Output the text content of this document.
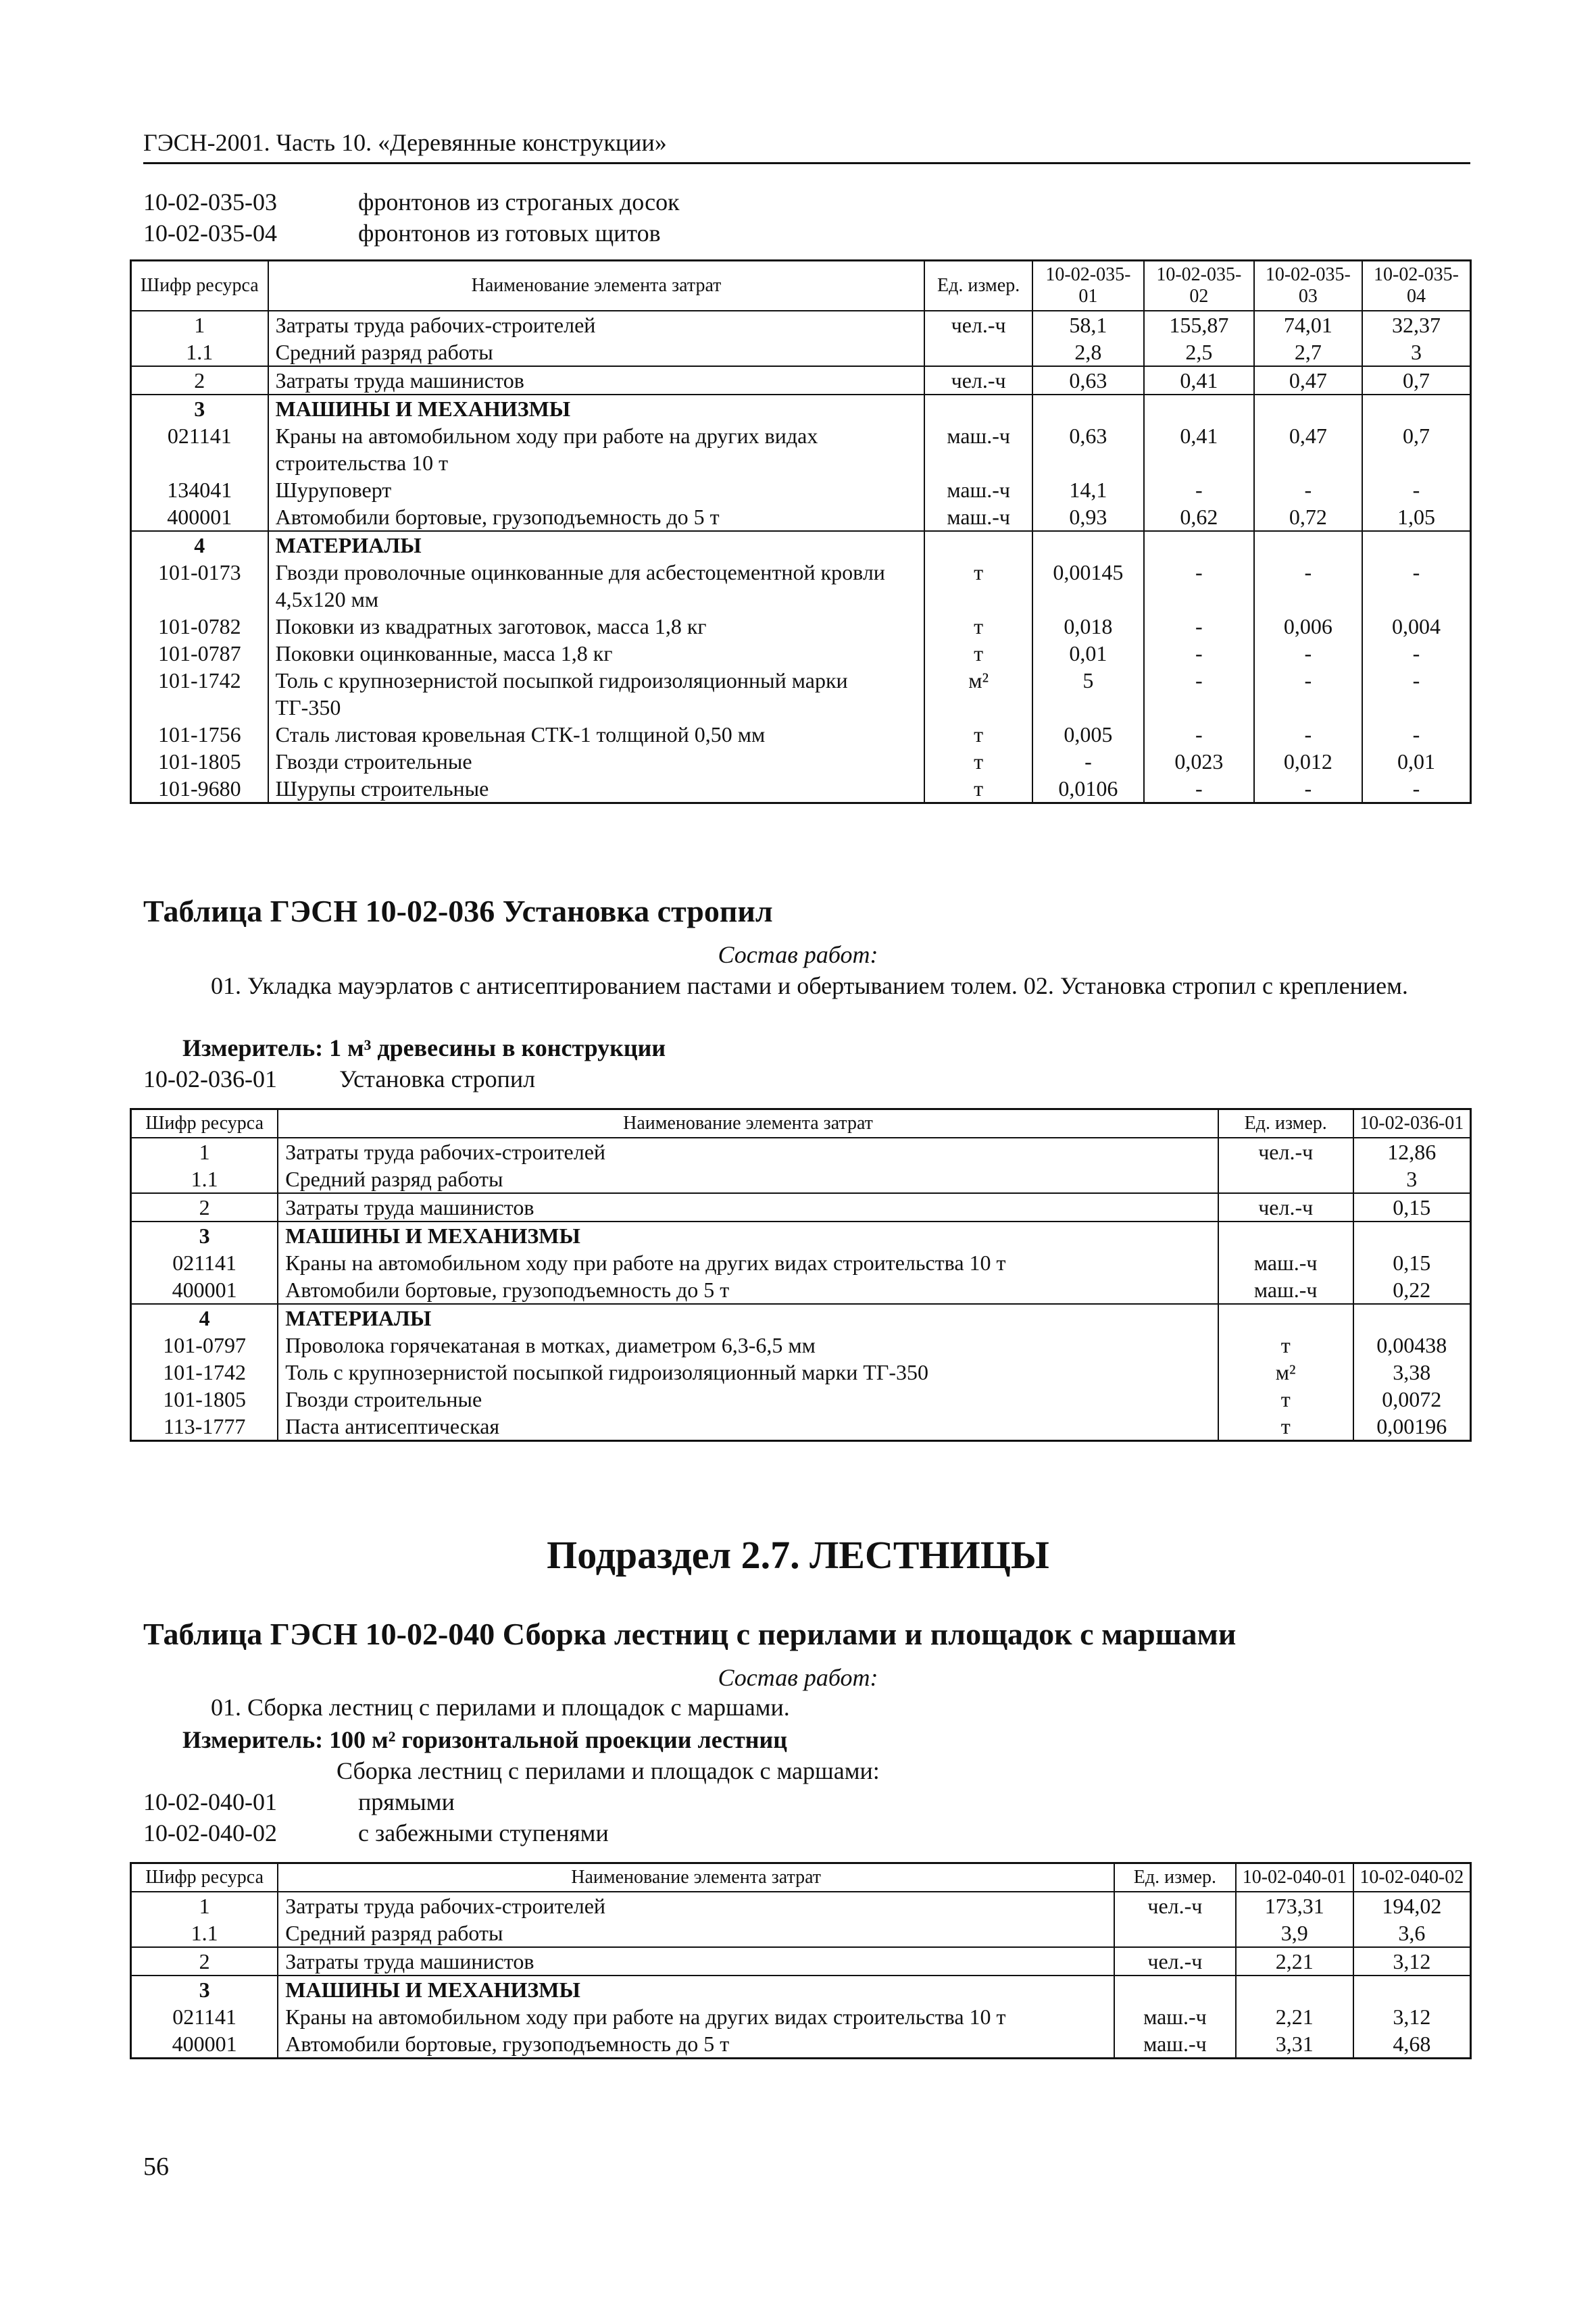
ГЭСН-2001. Часть 10. «Деревянные конструкции»
10-02-035-03	фронтонов из строганых досок
10-02-035-04	фронтонов из готовых щитов
Шифр ресурса	Наименование элемента затрат	Ед. измер.	10-02-035-01	10-02-035-02	10-02-035-03	10-02-035-04
1	Затраты труда рабочих-строителей	чел.-ч	58,1	155,87	74,01	32,37
1.1	Средний разряд работы		2,8	2,5	2,7	3
2	Затраты труда машинистов	чел.-ч	0,63	0,41	0,47	0,7
3	МАШИНЫ И МЕХАНИЗМЫ					
021141	Краны на автомобильном ходу при работе на других видах строительства 10 т	маш.-ч	0,63	0,41	0,47	0,7
134041	Шуруповерт	маш.-ч	14,1	-	-	-
400001	Автомобили бортовые, грузоподъемность до 5 т	маш.-ч	0,93	0,62	0,72	1,05
4	МАТЕРИАЛЫ					
101-0173	Гвозди проволочные оцинкованные для асбестоцементной кровли 4,5х120 мм	т	0,00145	-	-	-
101-0782	Поковки из квадратных заготовок, масса 1,8 кг	т	0,018	-	0,006	0,004
101-0787	Поковки оцинкованные, масса 1,8 кг	т	0,01	-	-	-
101-1742	Толь с крупнозернистой посыпкой гидроизоляционный марки ТГ-350	м²	5	-	-	-
101-1756	Сталь листовая кровельная СТК-1 толщиной 0,50 мм	т	0,005	-	-	-
101-1805	Гвозди строительные	т	-	0,023	0,012	0,01
101-9680	Шурупы строительные	т	0,0106	-	-	-
Таблица ГЭСН 10-02-036 Установка стропил
Состав работ:
01. Укладка мауэрлатов с антисептированием пастами и обертыванием толем. 02. Установка стропил с креплением.
Измеритель: 1 м³ древесины в конструкции
10-02-036-01	Установка стропил
Шифр ресурса	Наименование элемента затрат	Ед. измер.	10-02-036-01
1	Затраты труда рабочих-строителей	чел.-ч	12,86
1.1	Средний разряд работы		3
2	Затраты труда машинистов	чел.-ч	0,15
3	МАШИНЫ И МЕХАНИЗМЫ		
021141	Краны на автомобильном ходу при работе на других видах строительства 10 т	маш.-ч	0,15
400001	Автомобили бортовые, грузоподъемность до 5 т	маш.-ч	0,22
4	МАТЕРИАЛЫ		
101-0797	Проволока горячекатаная в мотках, диаметром 6,3-6,5 мм	т	0,00438
101-1742	Толь с крупнозернистой посыпкой гидроизоляционный марки ТГ-350	м²	3,38
101-1805	Гвозди строительные	т	0,0072
113-1777	Паста антисептическая	т	0,00196
Подраздел 2.7. ЛЕСТНИЦЫ
Таблица ГЭСН 10-02-040 Сборка лестниц с перилами и площадок с маршами
Состав работ:
01. Сборка лестниц с перилами и площадок с маршами.
Измеритель: 100 м² горизонтальной проекции лестниц
Сборка лестниц с перилами и площадок с маршами:
10-02-040-01	прямыми
10-02-040-02	с забежными ступенями
Шифр ресурса	Наименование элемента затрат	Ед. измер.	10-02-040-01	10-02-040-02
1	Затраты труда рабочих-строителей	чел.-ч	173,31	194,02
1.1	Средний разряд работы		3,9	3,6
2	Затраты труда машинистов	чел.-ч	2,21	3,12
3	МАШИНЫ И МЕХАНИЗМЫ			
021141	Краны на автомобильном ходу при работе на других видах строительства 10 т	маш.-ч	2,21	3,12
400001	Автомобили бортовые, грузоподъемность до 5 т	маш.-ч	3,31	4,68
56
